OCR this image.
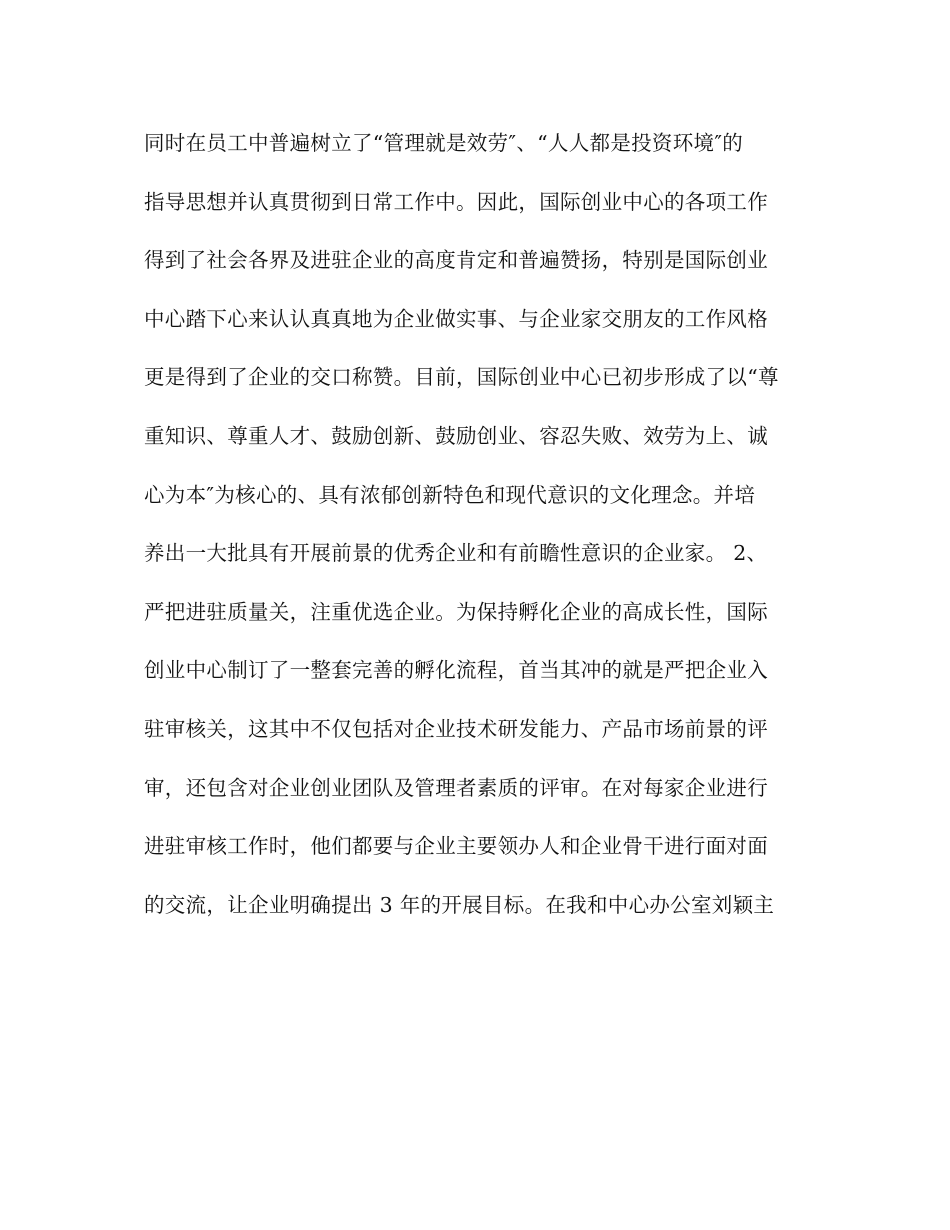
同时在员工中普遍树立了“管理就是效劳″、“人人都是投资环境″的
指导思想并认真贯彻到日常工作中。因此，国际创业中心的各项工作
得到了社会各界及进驻企业的高度肯定和普遍赞扬，特别是国际创业
中心踏下心来认认真真地为企业做实事、与企业家交朋友的工作风格
更是得到了企业的交口称赞。目前，国际创业中心已初步形成了以“尊
重知识、尊重人才、鼓励创新、鼓励创业、容忍失败、效劳为上、诚
心为本″为核心的、具有浓郁创新特色和现代意识的文化理念。并培
养出一大批具有开展前景的优秀企业和有前瞻性意识的企业家。 2、
严把进驻质量关，注重优选企业。为保持孵化企业的高成长性，国际
创业中心制订了一整套完善的孵化流程，首当其冲的就是严把企业入
驻审核关，这其中不仅包括对企业技术研发能力、产品市场前景的评
审，还包含对企业创业团队及管理者素质的评审。在对每家企业进行
进驻审核工作时，他们都要与企业主要领办人和企业骨干进行面对面
的交流，让企业明确提出 3 年的开展目标。在我和中心办公室刘颖主
